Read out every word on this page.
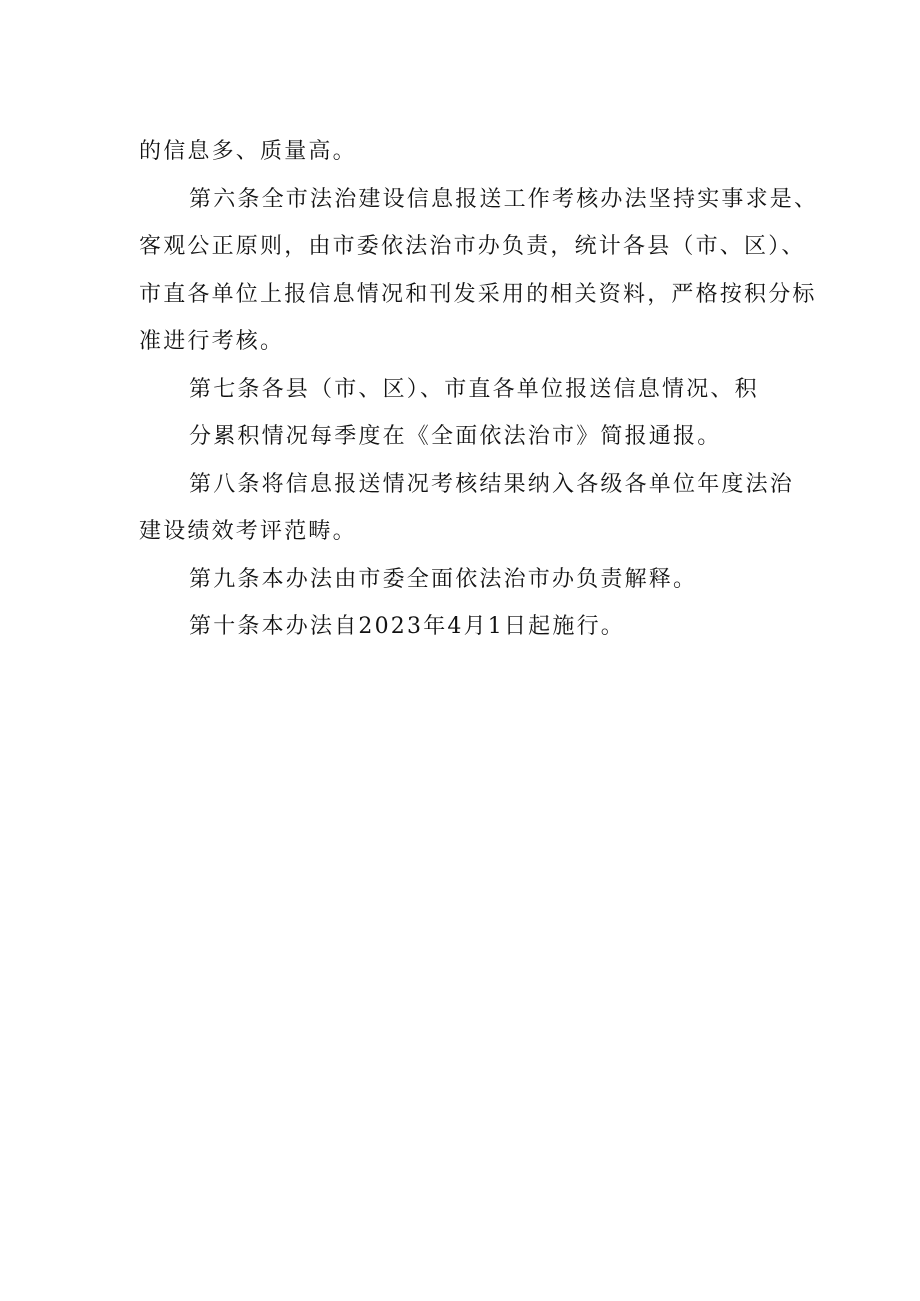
的信息多、质量高。
第六条全市法治建设信息报送工作考核办法坚持实事求是、
客观公正原则，由市委依法治市办负责，统计各县（市、区）、
市直各单位上报信息情况和刊发采用的相关资料，严格按积分标
准进行考核。
第七条各县（市、区）、市直各单位报送信息情况、积
分累积情况每季度在《全面依法治市》简报通报。
第八条将信息报送情况考核结果纳入各级各单位年度法治
建设绩效考评范畴。
第九条本办法由市委全面依法治市办负责解释。
第十条本办法自2023年4月1日起施行。
